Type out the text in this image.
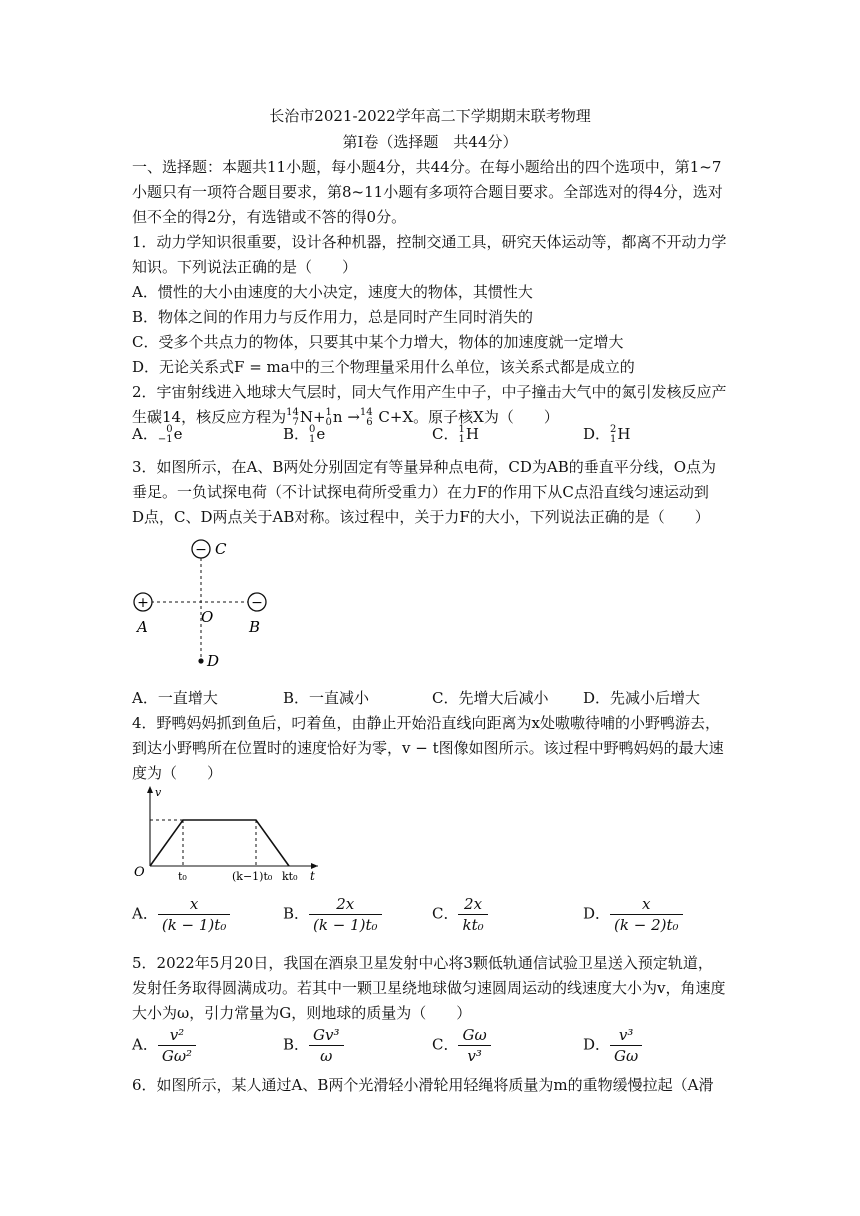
长治市2021-2022学年高二下学期期末联考物理
第Ⅰ卷（选择题　共44分）
一、选择题：本题共11小题，每小题4分，共44分。在每小题给出的四个选项中，第1~7
小题只有一项符合题目要求，第8~11小题有多项符合题目要求。全部选对的得4分，选对
但不全的得2分，有选错或不答的得0分。
1．动力学知识很重要，设计各种机器，控制交通工具，研究天体运动等，都离不开动力学
知识。下列说法正确的是（　　）
A．惯性的大小由速度的大小决定，速度大的物体，其惯性大
B．物体之间的作用力与反作用力，总是同时产生同时消失的
C．受多个共点力的物体，只要其中某个力增大，物体的加速度就一定增大
D．无论关系式F = ma中的三个物理量采用什么单位，该关系式都是成立的
2．宇宙射线进入地球大气层时，同大气作用产生中子，中子撞击大气中的氮引发核反应产
生碳14，核反应方程为 14
7 N+ 1
0 n → 14
6 C+X。原子核X为（　　）
A． 0
−1 e	B． 0
1 e	C． 1
1 H	D． 2
1 H
3．如图所示，在A、B两处分别固定有等量异种点电荷，CD为AB的垂直平分线，O点为
垂足。一负试探电荷（不计试探电荷所受重力）在力F的作用下从C点沿直线匀速运动到
D点，C、D两点关于AB对称。该过程中，关于力F的大小，下列说法正确的是（　　）
+	−
− C
A	B
O
D
A．一直增大	B．一直减小	C．先增大后减小 D．先减小后增大
4．野鸭妈妈抓到鱼后，叼着鱼，由静止开始沿直线向距离为x处嗷嗷待哺的小野鸭游去，
到达小野鸭所在位置时的速度恰好为零，v − t图像如图所示。该过程中野鸭妈妈的最大速
度为（　　）
v
O	t₀	(k−1)t₀ kt₀ t
A． $\frac{x}{\text{(k − 1)t₀}}$	B． $\frac{2x}{\text{(k − 1)t₀}}$	C． $\frac{2x}{\text{kt₀}}$	D． $\frac{x}{\text{(k − 2)t₀}}$
5．2022年5月20日，我国在酒泉卫星发射中心将3颗低轨通信试验卫星送入预定轨道，
发射任务取得圆满成功。若其中一颗卫星绕地球做匀速圆周运动的线速度大小为v，角速度
大小为ω，引力常量为G，则地球的质量为（　　）
A． $\frac{\text{v²}}{\text{Gω²}}$	B． $\frac{\text{Gv³}}{\omega}$	C． $\frac{G\omega}{\text{v³}}$	D． $\frac{\text{v³}}{G\omega}$
6．如图所示，某人通过A、B两个光滑轻小滑轮用轻绳将质量为m的重物缓慢拉起（A滑
